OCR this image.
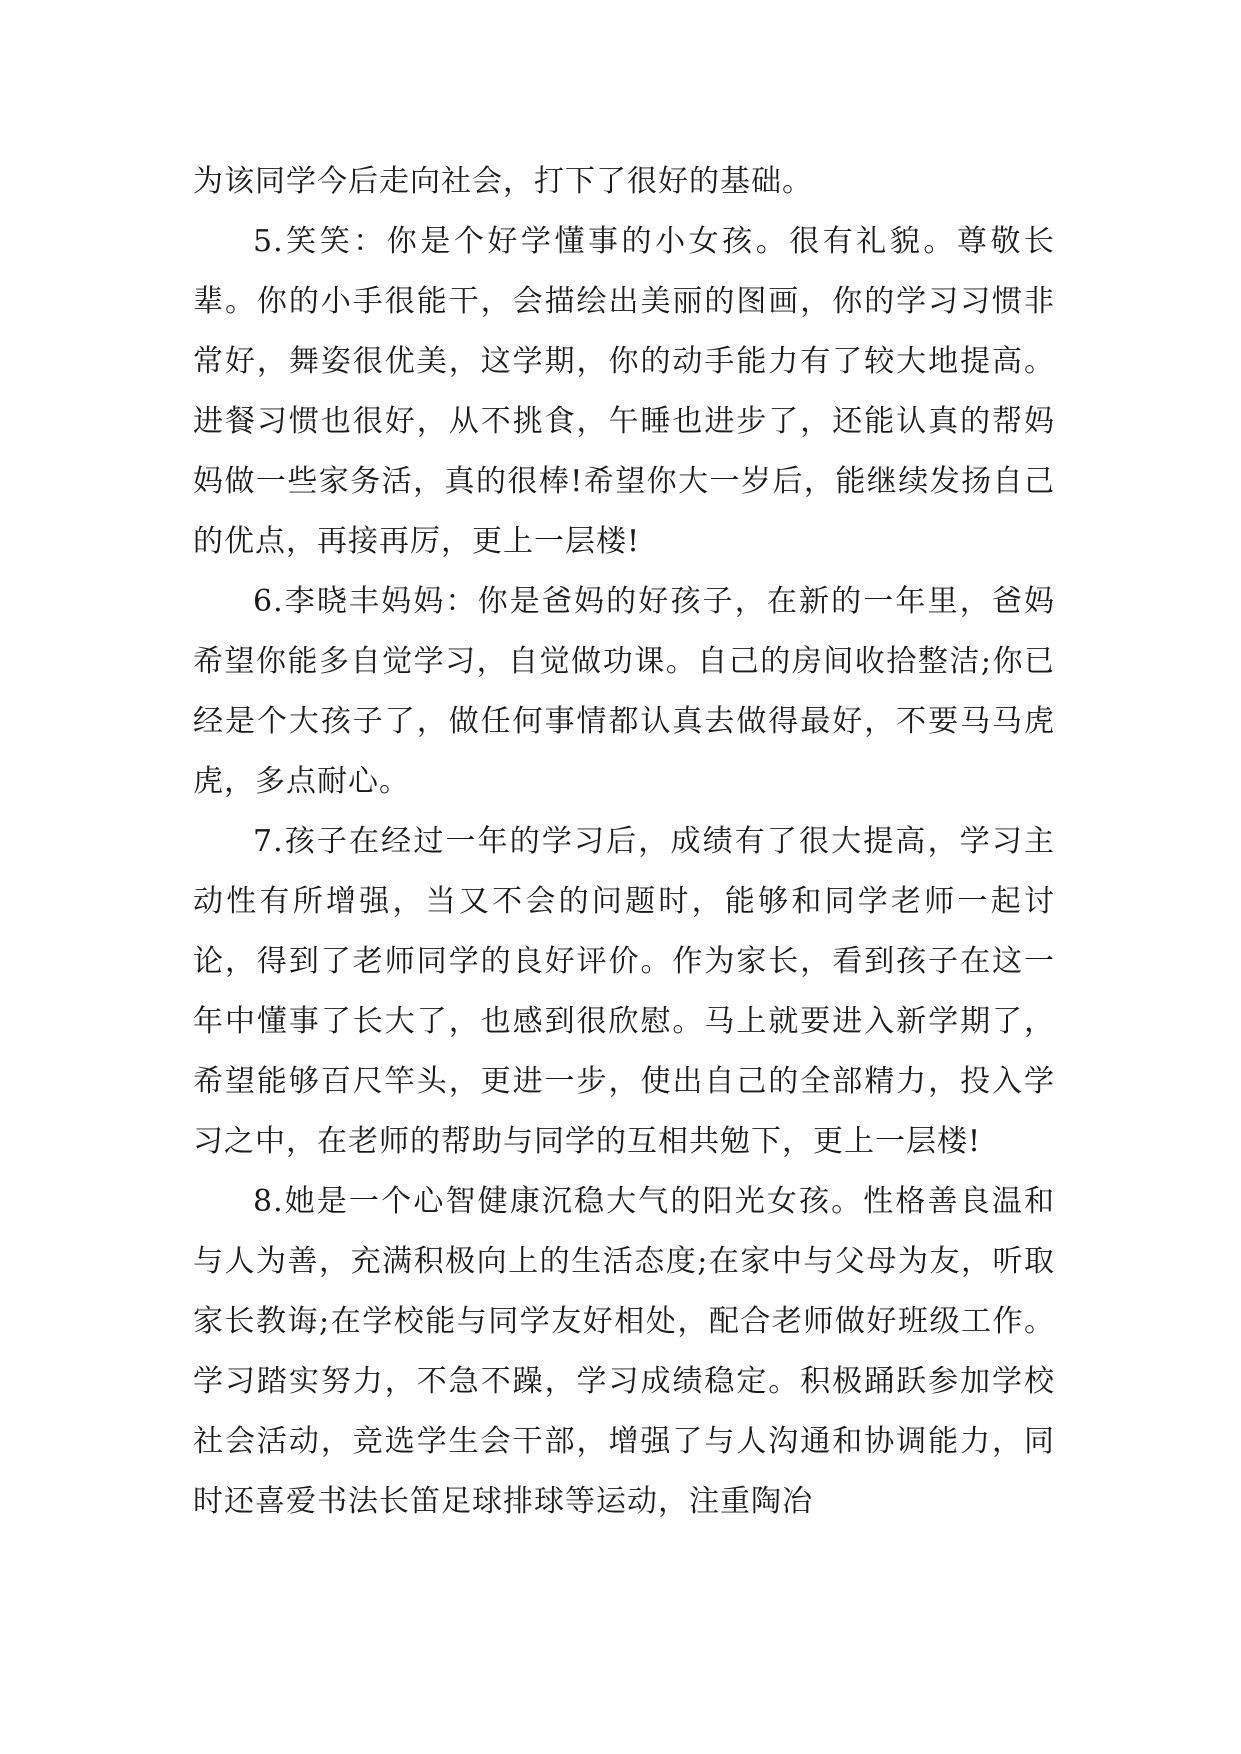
为该同学今后走向社会，打下了很好的基础。

5.笑笑：你是个好学懂事的小女孩。很有礼貌。尊敬长辈。你的小手很能干，会描绘出美丽的图画，你的学习习惯非常好，舞姿很优美，这学期，你的动手能力有了较大地提高。进餐习惯也很好，从不挑食，午睡也进步了，还能认真的帮妈妈做一些家务活，真的很棒!希望你大一岁后，能继续发扬自己的优点，再接再厉，更上一层楼!

6.李晓丰妈妈：你是爸妈的好孩子，在新的一年里，爸妈希望你能多自觉学习，自觉做功课。自己的房间收拾整洁;你已经是个大孩子了，做任何事情都认真去做得最好，不要马马虎虎，多点耐心。

7.孩子在经过一年的学习后，成绩有了很大提高，学习主动性有所增强，当又不会的问题时，能够和同学老师一起讨论，得到了老师同学的良好评价。作为家长，看到孩子在这一年中懂事了长大了，也感到很欣慰。马上就要进入新学期了，希望能够百尺竿头，更进一步，使出自己的全部精力，投入学习之中，在老师的帮助与同学的互相共勉下，更上一层楼!

8.她是一个心智健康沉稳大气的阳光女孩。性格善良温和与人为善，充满积极向上的生活态度;在家中与父母为友，听取家长教诲;在学校能与同学友好相处，配合老师做好班级工作。学习踏实努力，不急不躁，学习成绩稳定。积极踊跃参加学校社会活动，竞选学生会干部，增强了与人沟通和协调能力，同时还喜爱书法长笛足球排球等运动，注重陶冶
